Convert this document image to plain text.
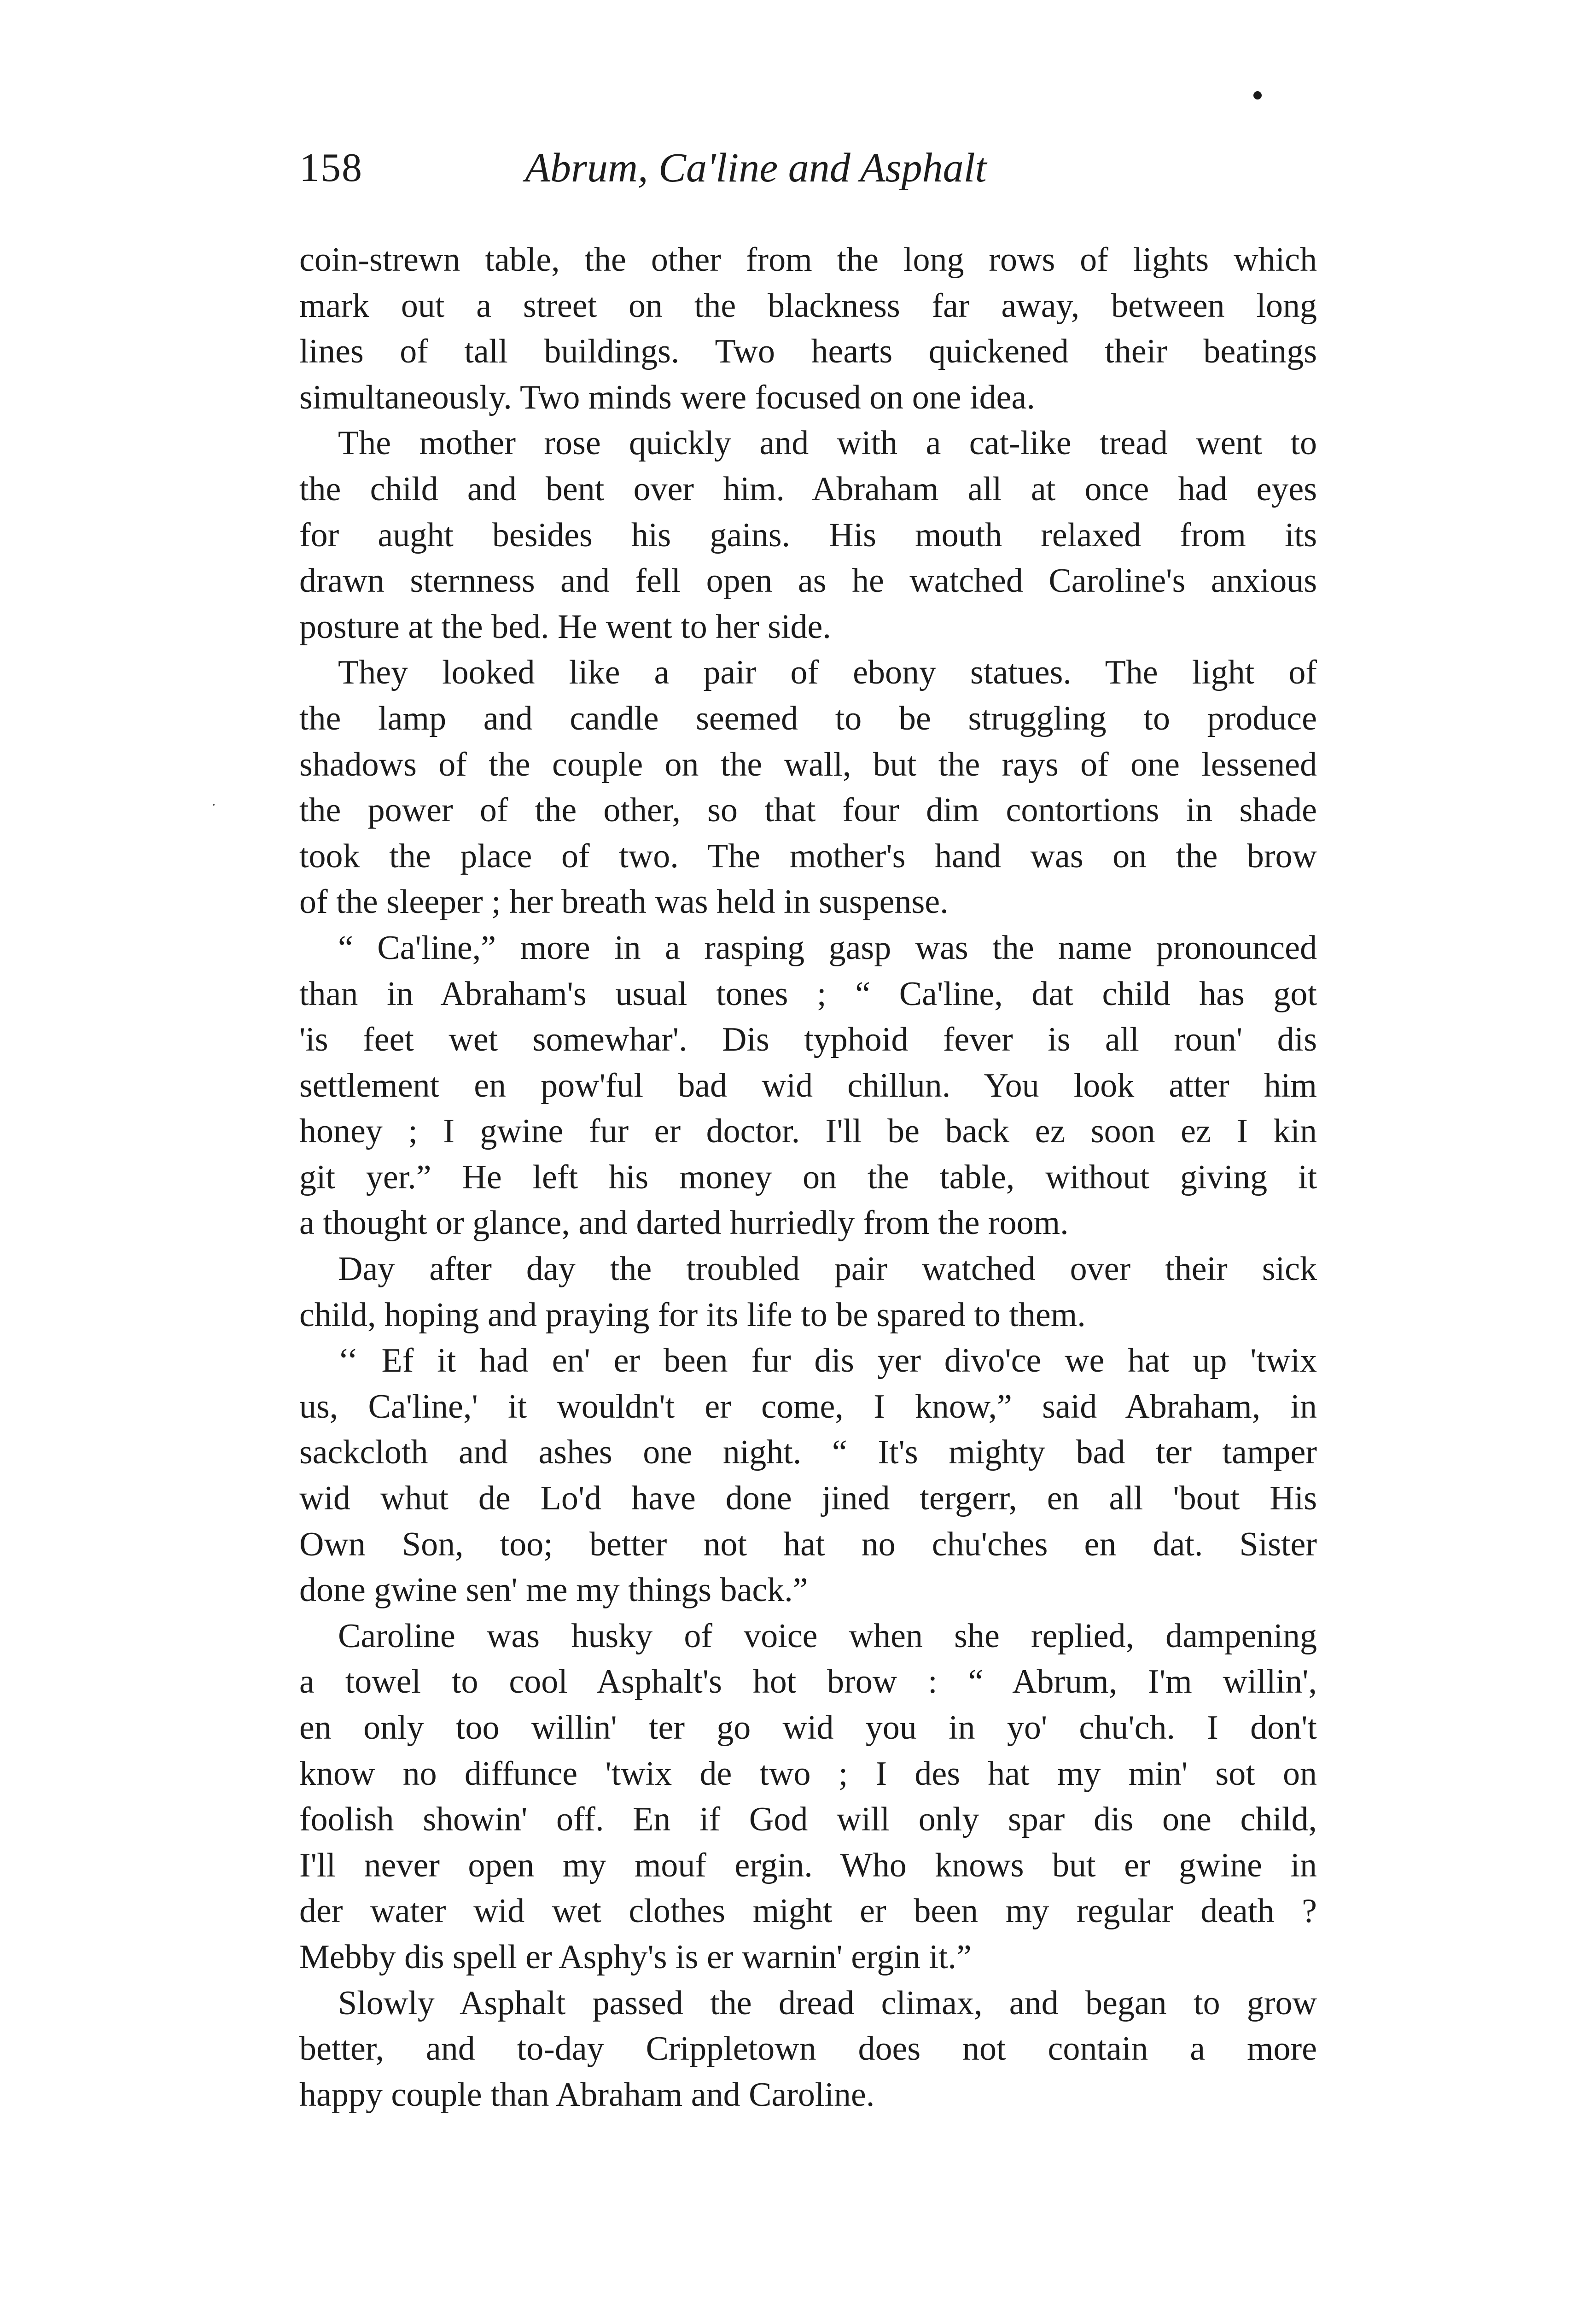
158	Abrum, Ca'line and Asphalt
coin-strewn table, the other from the long rows of lights which
mark out a street on the blackness far away, between long
lines of tall buildings. Two hearts quickened their beatings
simultaneously. Two minds were focused on one idea.
The mother rose quickly and with a cat-like tread went to
the child and bent over him. Abraham all at once had eyes
for aught besides his gains. His mouth relaxed from its
drawn sternness and fell open as he watched Caroline's anxious
posture at the bed. He went to her side.
They looked like a pair of ebony statues. The light of
the lamp and candle seemed to be struggling to produce
shadows of the couple on the wall, but the rays of one lessened
the power of the other, so that four dim contortions in shade
took the place of two. The mother's hand was on the brow
of the sleeper ; her breath was held in suspense.
“ Ca'line,” more in a rasping gasp was the name pronounced
than in Abraham's usual tones ; “ Ca'line, dat child has got
'is feet wet somewhar'. Dis typhoid fever is all roun' dis
settlement en pow'ful bad wid chillun. You look atter him
honey ; I gwine fur er doctor. I'll be back ez soon ez I kin
git yer.” He left his money on the table, without giving it
a thought or glance, and darted hurriedly from the room.
Day after day the troubled pair watched over their sick
child, hoping and praying for its life to be spared to them.
‘‘ Ef it had en' er been fur dis yer divo'ce we hat up 'twix
us, Ca'line,' it wouldn't er come, I know,” said Abraham, in
sackcloth and ashes one night. “ It's mighty bad ter tamper
wid whut de Lo'd have done jined tergerr, en all 'bout His
Own Son, too; better not hat no chu'ches en dat. Sister
done gwine sen' me my things back.”
Caroline was husky of voice when she replied, dampening
a towel to cool Asphalt's hot brow : “ Abrum, I'm willin',
en only too willin' ter go wid you in yo' chu'ch. I don't
know no diffunce 'twix de two ; I des hat my min' sot on
foolish showin' off. En if God will only spar dis one child,
I'll never open my mouf ergin. Who knows but er gwine in
der water wid wet clothes might er been my regular death ?
Mebby dis spell er Asphy's is er warnin' ergin it.”
Slowly Asphalt passed the dread climax, and began to grow
better, and to-day Crippletown does not contain a more
happy couple than Abraham and Caroline.
